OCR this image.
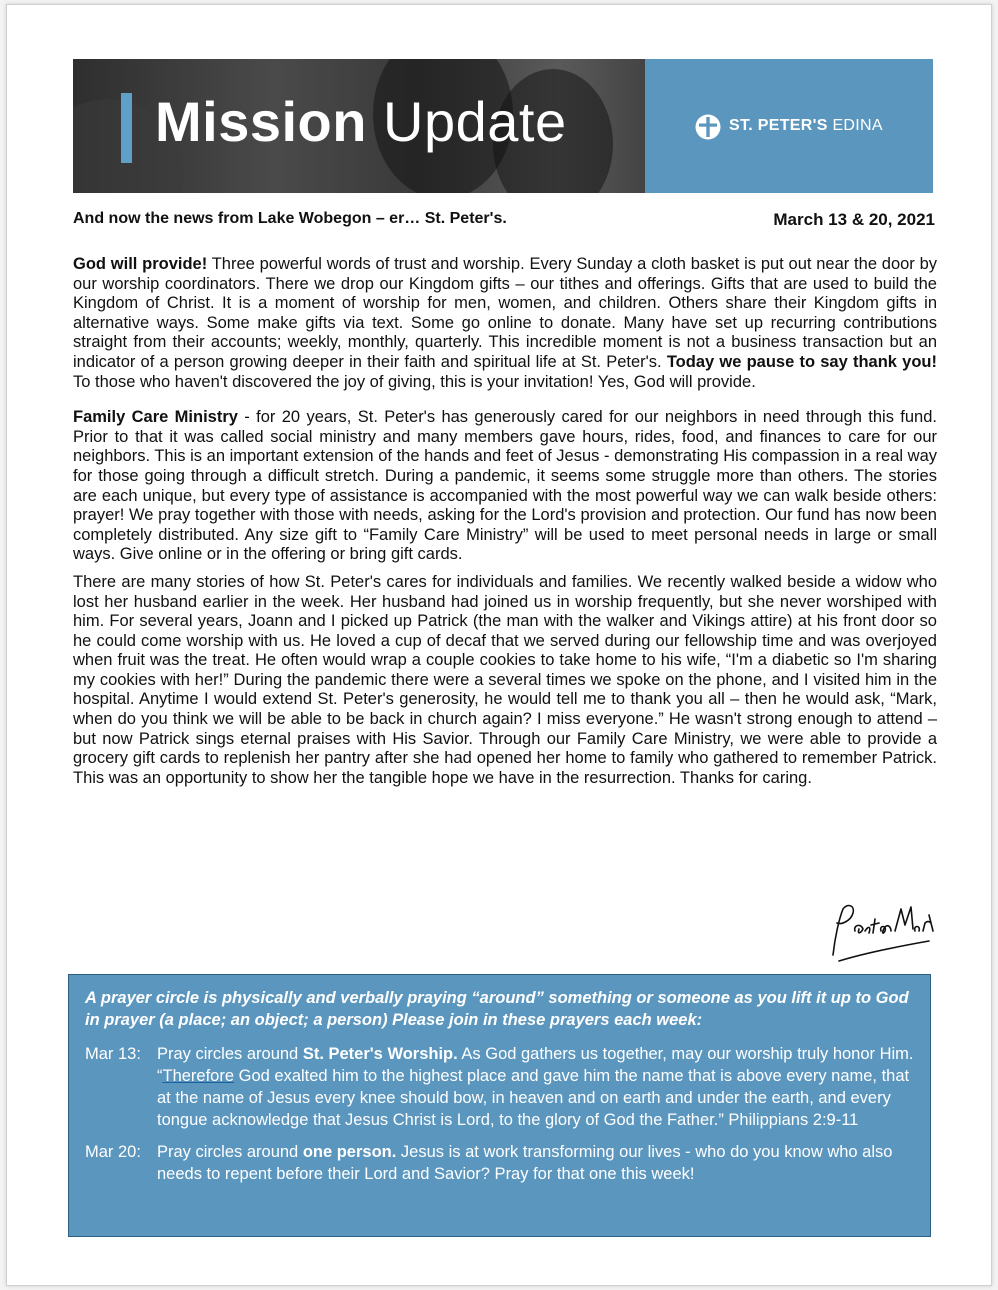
Mission Update	ST. PETER'S EDINA
And now the news from Lake Wobegon – er… St. Peter's.	March 13 & 20, 2021

God will provide! Three powerful words of trust and worship. Every Sunday a cloth basket is put out near the door by our worship coordinators. There we drop our Kingdom gifts – our tithes and offerings. Gifts that are used to build the Kingdom of Christ. It is a moment of worship for men, women, and children. Others share their Kingdom gifts in alternative ways. Some make gifts via text. Some go online to donate. Many have set up recurring contributions straight from their accounts; weekly, monthly, quarterly. This incredible moment is not a business transaction but an indicator of a person growing deeper in their faith and spiritual life at St. Peter's. Today we pause to say thank you! To those who haven't discovered the joy of giving, this is your invitation! Yes, God will provide.

Family Care Ministry - for 20 years, St. Peter's has generously cared for our neighbors in need through this fund. Prior to that it was called social ministry and many members gave hours, rides, food, and finances to care for our neighbors. This is an important extension of the hands and feet of Jesus - demonstrating His compassion in a real way for those going through a difficult stretch. During a pandemic, it seems some struggle more than others. The stories are each unique, but every type of assistance is accompanied with the most powerful way we can walk beside others: prayer! We pray together with those with needs, asking for the Lord's provision and protection. Our fund has now been completely distributed. Any size gift to “Family Care Ministry” will be used to meet personal needs in large or small ways. Give online or in the offering or bring gift cards.

There are many stories of how St. Peter's cares for individuals and families. We recently walked beside a widow who lost her husband earlier in the week. Her husband had joined us in worship frequently, but she never worshiped with him. For several years, Joann and I picked up Patrick (the man with the walker and Vikings attire) at his front door so he could come worship with us. He loved a cup of decaf that we served during our fellowship time and was overjoyed when fruit was the treat. He often would wrap a couple cookies to take home to his wife, “I'm a diabetic so I'm sharing my cookies with her!” During the pandemic there were a several times we spoke on the phone, and I visited him in the hospital. Anytime I would extend St. Peter's generosity, he would tell me to thank you all – then he would ask, “Mark, when do you think we will be able to be back in church again? I miss everyone.” He wasn't strong enough to attend – but now Patrick sings eternal praises with His Savior. Through our Family Care Ministry, we were able to provide a grocery gift cards to replenish her pantry after she had opened her home to family who gathered to remember Patrick. This was an opportunity to show her the tangible hope we have in the resurrection. Thanks for caring.

A prayer circle is physically and verbally praying “around” something or someone as you lift it up to God in prayer (a place; an object; a person) Please join in these prayers each week:
Mar 13: Pray circles around St. Peter's Worship. As God gathers us together, may our worship truly honor Him. “Therefore God exalted him to the highest place and gave him the name that is above every name, that at the name of Jesus every knee should bow, in heaven and on earth and under the earth, and every tongue acknowledge that Jesus Christ is Lord, to the glory of God the Father.” Philippians 2:9-11
Mar 20: Pray circles around one person. Jesus is at work transforming our lives - who do you know who also needs to repent before their Lord and Savior? Pray for that one this week!
